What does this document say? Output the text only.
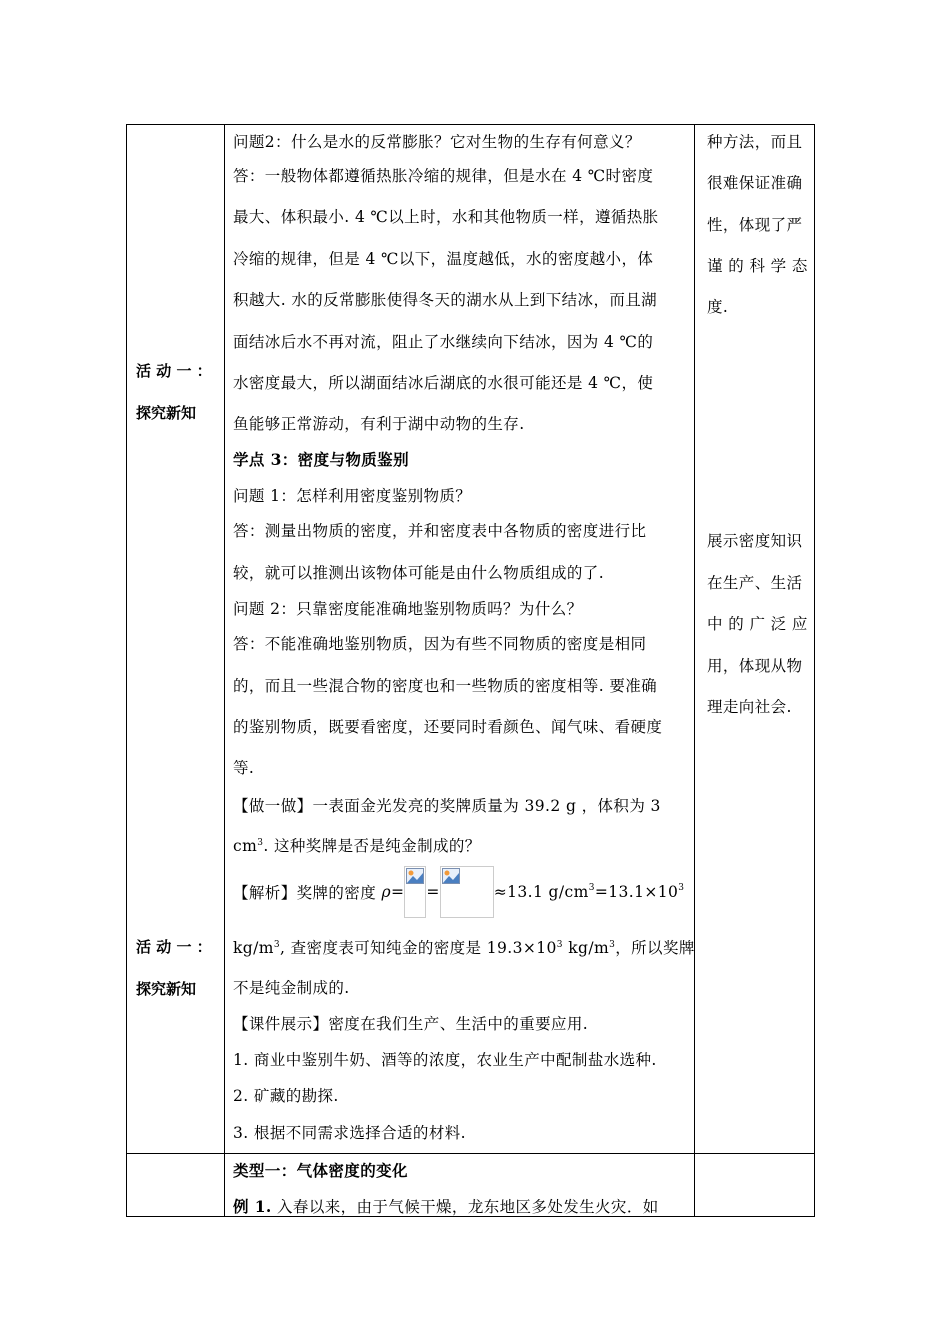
活 动 一 ：

探究新知

活 动 一 ：

探究新知

问题2：什么是水的反常膨胀？它对生物的生存有何意义？

答：一般物体都遵循热胀冷缩的规律，但是水在 4 ℃时密度

最大、体积最小. 4 ℃以上时，水和其他物质一样，遵循热胀

冷缩的规律，但是 4 ℃以下，温度越低，水的密度越小，体

积越大. 水的反常膨胀使得冬天的湖水从上到下结冰，而且湖

面结冰后水不再对流，阻止了水继续向下结冰，因为 4 ℃的

水密度最大，所以湖面结冰后湖底的水很可能还是 4 ℃，使

鱼能够正常游动，有利于湖中动物的生存.

学点 3：密度与物质鉴别

问题 1：怎样利用密度鉴别物质？

答：测量出物质的密度，并和密度表中各物质的密度进行比

较，就可以推测出该物体可能是由什么物质组成的了.

问题 2：只靠密度能准确地鉴别物质吗？为什么？

答：不能准确地鉴别物质，因为有些不同物质的密度是相同

的，而且一些混合物的密度也和一些物质的密度相等. 要准确

的鉴别物质，既要看密度，还要同时看颜色、闻气味、看硬度

等.

【做一做】一表面金光发亮的奖牌质量为 39.2 g ，体积为 3

$cm^3$. 这种奖牌是否是纯金制成的？

【解析】奖牌的密度 ρ= =	≈13.1 $g/cm^3=13.1\times 10^3$

$kg/m^3$, 查密度表可知纯金的密度是 $19.3\times 10^3$ $kg/m^3$，所以奖牌

不是纯金制成的.

【课件展示】密度在我们生产、生活中的重要应用.

1. 商业中鉴别牛奶、酒等的浓度，农业生产中配制盐水选种.

2. 矿藏的勘探.

3. 根据不同需求选择合适的材料.

类型一：气体密度的变化

例 1. 入春以来，由于气候干燥，龙东地区多处发生火灾．如

种方法，而且

很难保证准确

性，体现了严

谨 的 科 学 态

度.

展示密度知识

在生产、生活

中 的 广 泛 应

用，体现从物

理走向社会.
